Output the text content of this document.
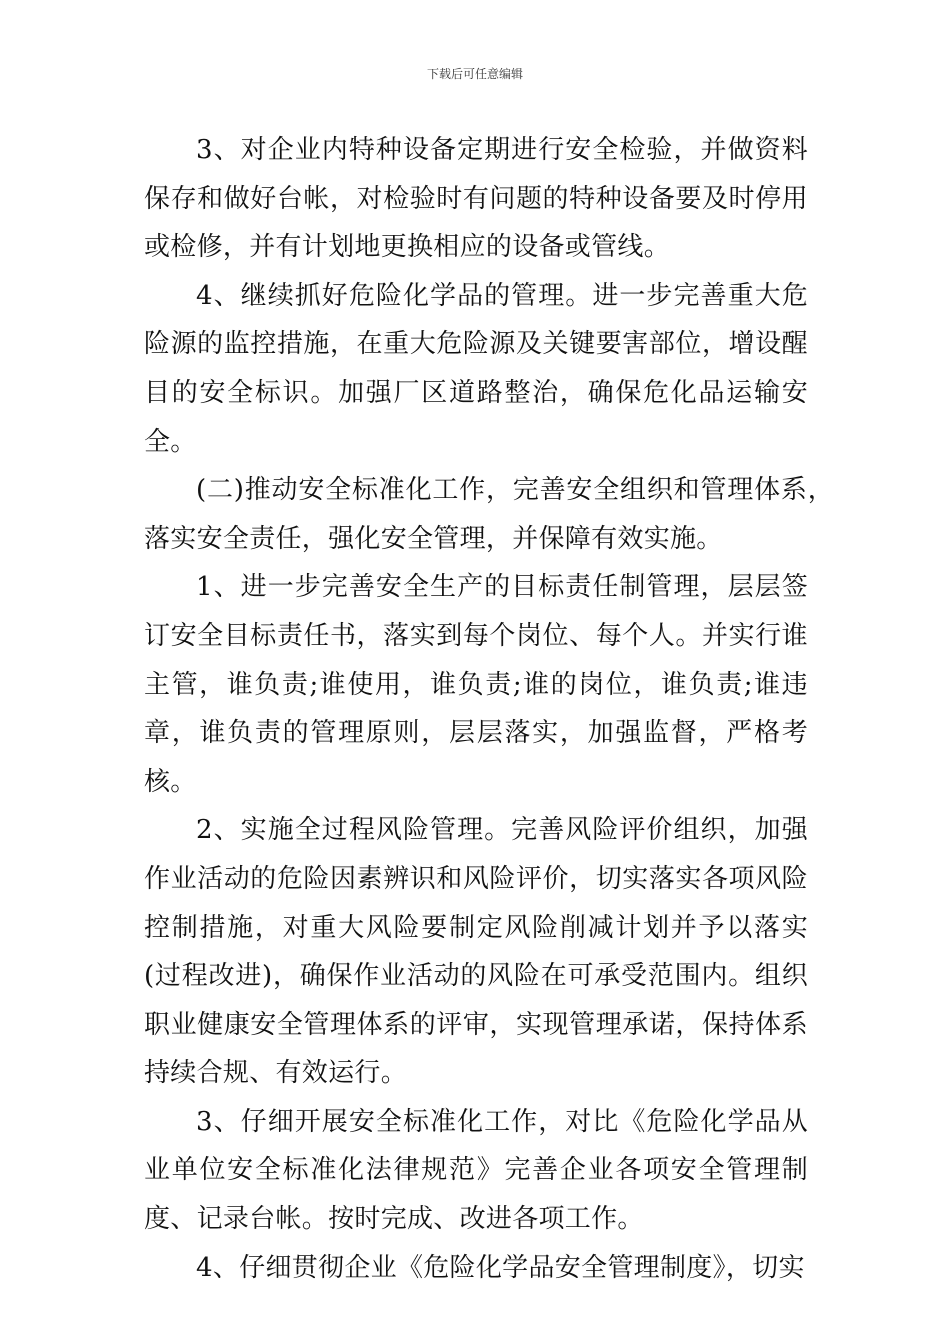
下载后可任意编辑

3、对企业内特种设备定期进行安全检验，并做资料保存和做好台帐，对检验时有问题的特种设备要及时停用或检修，并有计划地更换相应的设备或管线。

4、继续抓好危险化学品的管理。进一步完善重大危险源的监控措施，在重大危险源及关键要害部位，增设醒目的安全标识。加强厂区道路整治，确保危化品运输安全。

(二)推动安全标准化工作，完善安全组织和管理体系，落实安全责任，强化安全管理，并保障有效实施。

1、进一步完善安全生产的目标责任制管理，层层签订安全目标责任书，落实到每个岗位、每个人。并实行谁主管，谁负责;谁使用，谁负责;谁的岗位，谁负责;谁违章，谁负责的管理原则，层层落实，加强监督，严格考核。

2、实施全过程风险管理。完善风险评价组织，加强作业活动的危险因素辨识和风险评价，切实落实各项风险控制措施，对重大风险要制定风险削减计划并予以落实(过程改进)，确保作业活动的风险在可承受范围内。组织职业健康安全管理体系的评审，实现管理承诺，保持体系持续合规、有效运行。

3、仔细开展安全标准化工作，对比《危险化学品从业单位安全标准化法律规范》完善企业各项安全管理制度、记录台帐。按时完成、改进各项工作。

4、仔细贯彻企业《危险化学品安全管理制度》，切实
